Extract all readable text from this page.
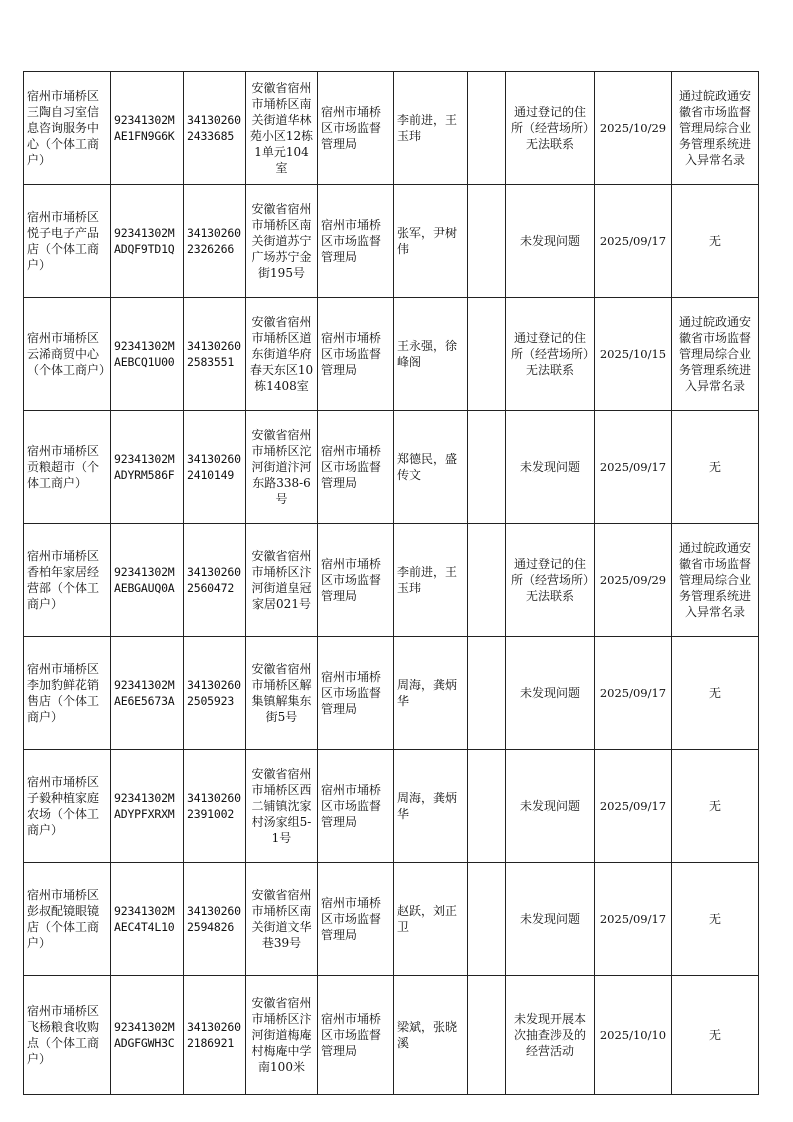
宿州市埇桥区三陶自习室信息咨询服务中心（个体工商户）	92341302MAE1FN9G6K	341302602433685	安徽省宿州市埇桥区南关街道华林苑小区12栋1单元104室	宿州市埇桥区市场监督管理局	李前进，王玉玮		通过登记的住所（经营场所）无法联系	2025/10/29	通过皖政通安徽省市场监督管理局综合业务管理系统进入异常名录
宿州市埇桥区悦子电子产品店（个体工商户）	92341302MADQF9TD1Q	341302602326266	安徽省宿州市埇桥区南关街道苏宁广场苏宁金街195号	宿州市埇桥区市场监督管理局	张军，尹树伟		未发现问题	2025/09/17	无
宿州市埇桥区云浠商贸中心（个体工商户）	92341302MAEBCQ1U00	341302602583551	安徽省宿州市埇桥区道东街道华府春天东区10栋1408室	宿州市埇桥区市场监督管理局	王永强，徐峰阁		通过登记的住所（经营场所）无法联系	2025/10/15	通过皖政通安徽省市场监督管理局综合业务管理系统进入异常名录
宿州市埇桥区贡粮超市（个体工商户）	92341302MADYRM586F	341302602410149	安徽省宿州市埇桥区沱河街道汴河东路338-6号	宿州市埇桥区市场监督管理局	郑德民，盛传文		未发现问题	2025/09/17	无
宿州市埇桥区香柏年家居经营部（个体工商户）	92341302MAEBGAUQ0A	341302602560472	安徽省宿州市埇桥区汴河街道皇冠家居021号	宿州市埇桥区市场监督管理局	李前进，王玉玮		通过登记的住所（经营场所）无法联系	2025/09/29	通过皖政通安徽省市场监督管理局综合业务管理系统进入异常名录
宿州市埇桥区李加豹鲜花销售店（个体工商户）	92341302MAE6E5673A	341302602505923	安徽省宿州市埇桥区解集镇解集东街5号	宿州市埇桥区市场监督管理局	周海，龚炳华		未发现问题	2025/09/17	无
宿州市埇桥区子毅种植家庭农场（个体工商户）	92341302MADYPFXRXM	341302602391002	安徽省宿州市埇桥区西二铺镇沈家村汤家组5-1号	宿州市埇桥区市场监督管理局	周海，龚炳华		未发现问题	2025/09/17	无
宿州市埇桥区彭叔配镜眼镜店（个体工商户）	92341302MAEC4T4L10	341302602594826	安徽省宿州市埇桥区南关街道文华巷39号	宿州市埇桥区市场监督管理局	赵跃，刘正卫		未发现问题	2025/09/17	无
宿州市埇桥区飞杨粮食收购点（个体工商户）	92341302MADGFGWH3C	341302602186921	安徽省宿州市埇桥区汴河街道梅庵村梅庵中学南100米	宿州市埇桥区市场监督管理局	梁斌，张晓溪		未发现开展本次抽查涉及的经营活动	2025/10/10	无
